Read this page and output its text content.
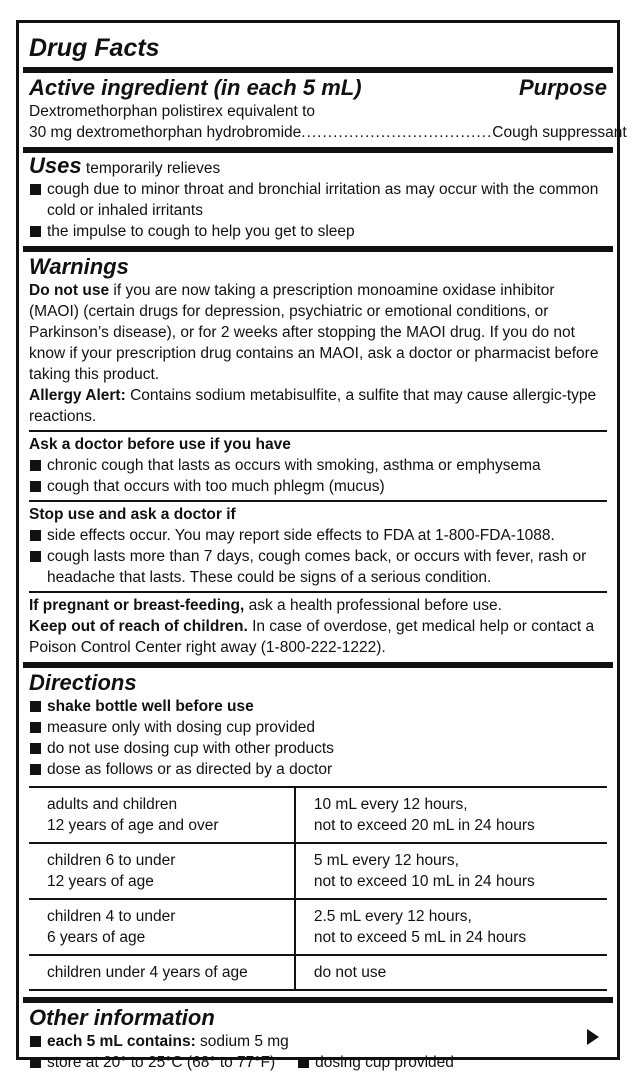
Drug Facts
Active ingredient (in each 5 mL)	Purpose
Dextromethorphan polistirex equivalent to
30 mg dextromethorphan hydrobromide .................................... Cough suppressant
Uses temporarily relieves
cough due to minor throat and bronchial irritation as may occur with the common cold or inhaled irritants
the impulse to cough to help you get to sleep
Warnings
Do not use if you are now taking a prescription monoamine oxidase inhibitor (MAOI) (certain drugs for depression, psychiatric or emotional conditions, or Parkinson’s disease), or for 2 weeks after stopping the MAOI drug. If you do not know if your prescription drug contains an MAOI, ask a doctor or pharmacist before taking this product.
Allergy Alert: Contains sodium metabisulfite, a sulfite that may cause allergic-type reactions.
Ask a doctor before use if you have
chronic cough that lasts as occurs with smoking, asthma or emphysema
cough that occurs with too much phlegm (mucus)
Stop use and ask a doctor if
side effects occur. You may report side effects to FDA at 1-800-FDA-1088.
cough lasts more than 7 days, cough comes back, or occurs with fever, rash or headache that lasts. These could be signs of a serious condition.
If pregnant or breast-feeding, ask a health professional before use.
Keep out of reach of children. In case of overdose, get medical help or contact a Poison Control Center right away (1-800-222-1222).
Directions
shake bottle well before use
measure only with dosing cup provided
do not use dosing cup with other products
dose as follows or as directed by a doctor
adults and children
12 years of age and over	10 mL every 12 hours,
not to exceed 20 mL in 24 hours
children 6 to under
12 years of age	5 mL every 12 hours,
not to exceed 10 mL in 24 hours
children 4 to under
6 years of age	2.5 mL every 12 hours,
not to exceed 5 mL in 24 hours
children under 4 years of age	do not use
Other information
each 5 mL contains: sodium 5 mg
store at 20° to 25°C (68° to 77°F)	dosing cup provided
